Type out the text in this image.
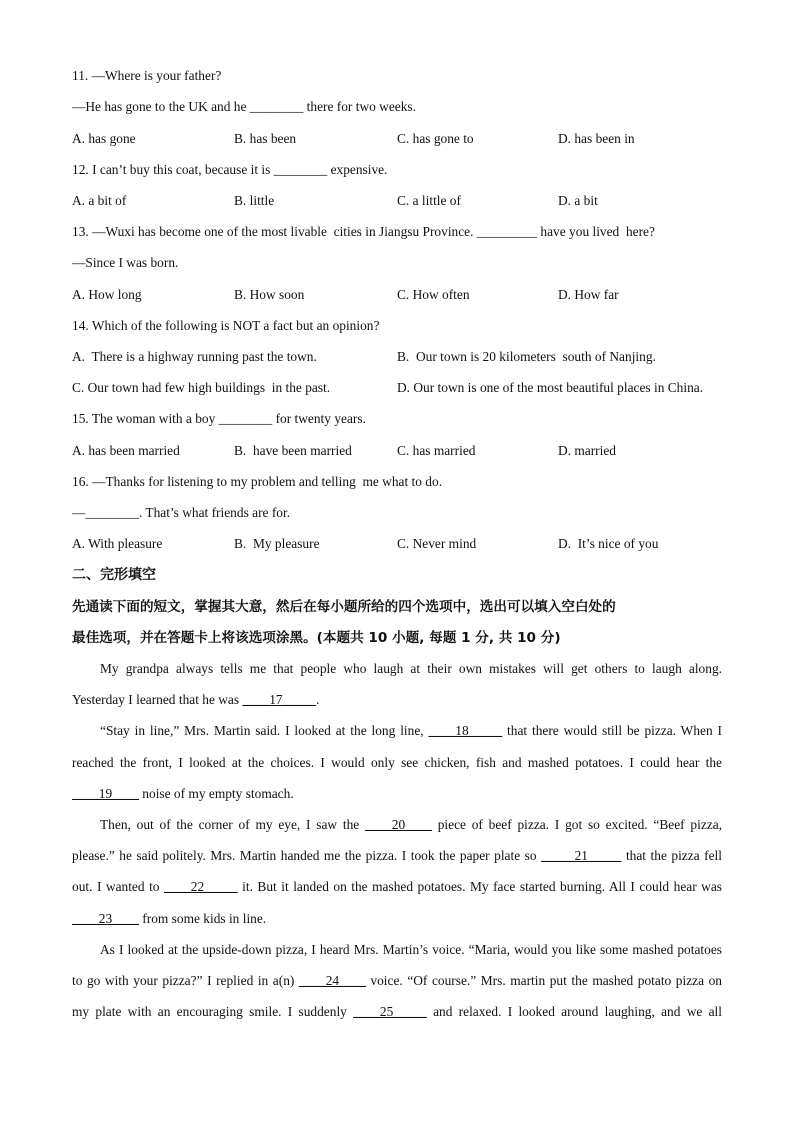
11. —Where is your father?
—He has gone to the UK and he ________ there for two weeks.
A. has gone	B. has been	C. has gone to	D. has been in
12. I can’t buy this coat, because it is ________ expensive.
A. a bit of	B. little	C. a little of	D. a bit
13. —Wuxi has become one of the most livable  cities in Jiangsu Province. _________ have you lived  here?
—Since I was born.
A. How long	B. How soon	C. How often	D. How far
14. Which of the following is NOT a fact but an opinion?
A.  There is a highway running past the town.	B.  Our town is 20 kilometers  south of Nanjing.
C. Our town had few high buildings  in the past.	D. Our town is one of the most beautiful places in China.
15. The woman with a boy ________ for twenty years.
A. has been married	B.  have been married	C. has married	D. married
16. —Thanks for listening to my problem and telling  me what to do.
—________. That’s what friends are for.
A. With pleasure	B.  My pleasure	C. Never mind	D.  It’s nice of you
二、完形填空
先通读下面的短文，掌握其大意，然后在每小题所给的四个选项中，选出可以填入空白处的
最佳选项，并在答题卡上将该选项涂黑。(本题共 10 小题, 每题 1 分, 共 10 分)
My grandpa always tells me that people who laugh at their own mistakes will get others to laugh along.
Yesterday I learned that he was ____17_____.
“Stay in line,” Mrs. Martin said. I looked at the long line, ____18_____ that there would still be pizza. When I
reached the front, I looked at the choices. I would only see chicken, fish and mashed potatoes. I could hear the
____19____ noise of my empty stomach.
Then, out of the corner of my eye, I saw the ____20____ piece of beef pizza. I got so excited. “Beef pizza,
please.” he said politely. Mrs. Martin handed me the pizza. I took the paper plate so _____21_____ that the pizza fell
out. I wanted to ____22_____ it. But it landed on the mashed potatoes. My face started burning. All I could hear was
____23____ from some kids in line.
As I looked at the upside-down pizza, I heard Mrs. Martin’s voice. “Maria, would you like some mashed potatoes
to go with your pizza?” I replied in a(n) ____24____ voice. “Of course.” Mrs. martin put the mashed potato pizza on
my plate with an encouraging smile. I suddenly ____25_____ and relaxed. I looked around laughing, and we all
